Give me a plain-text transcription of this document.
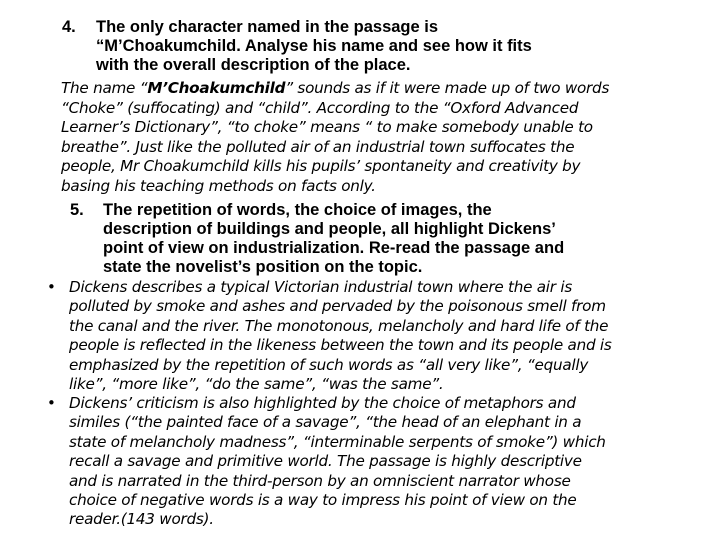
4. The only character named in the passage is
“M’Choakumchild. Analyse his name and see how it fits
with the overall description of the place.
The name “M’Choakumchild” sounds as if it were made up of two words
“Choke” (suffocating) and “child”. According to the “Oxford Advanced
Learner’s Dictionary”, “to choke” means “ to make somebody unable to
breathe”. Just like the polluted air of an industrial town suffocates the
people, Mr Choakumchild kills his pupils’ spontaneity and creativity by
basing his teaching methods on facts only.
5. The repetition of words, the choice of images, the
description of buildings and people, all highlight Dickens’
point of view on industrialization. Re-read the passage and
state the novelist’s position on the topic.
• Dickens describes a typical Victorian industrial town where the air is
polluted by smoke and ashes and pervaded by the poisonous smell from
the canal and the river. The monotonous, melancholy and hard life of the
people is reflected in the likeness between the town and its people and is
emphasized by the repetition of such words as “all very like”, “equally
like”, “more like”, “do the same”, “was the same”.
• Dickens’ criticism is also highlighted by the choice of metaphors and
similes (“the painted face of a savage”, “the head of an elephant in a
state of melancholy madness”, “interminable serpents of smoke”) which
recall a savage and primitive world. The passage is highly descriptive
and is narrated in the third-person by an omniscient narrator whose
choice of negative words is a way to impress his point of view on the
reader.(143 words).
